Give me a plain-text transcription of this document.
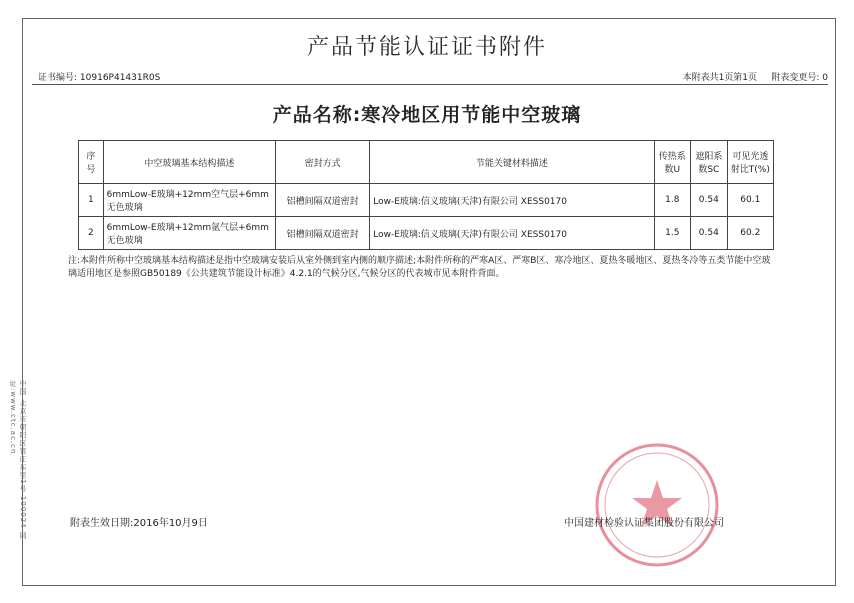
产品节能认证证书附件
证书编号: 10916P41431R0S	本附表共1页第1页 附表变更号: 0
产品名称:寒冷地区用节能中空玻璃
序号	中空玻璃基本结构描述	密封方式	节能关键材料描述	传热系数U	遮阳系数SC	可见光透射比T(%)
1	6mmLow-E玻璃+12mm空气层+6mm无色玻璃	铝槽间隔双道密封	Low-E玻璃:信义玻璃(天津)有限公司 XESS0170	1.8	0.54	60.1
2	6mmLow-E玻璃+12mm氩气层+6mm无色玻璃	铝槽间隔双道密封	Low-E玻璃:信义玻璃(天津)有限公司 XESS0170	1.5	0.54	60.2
注:本附件所称中空玻璃基本结构描述是指中空玻璃安装后从室外侧到室内侧的顺序描述;本附件所称的严寒A区、严寒B区、寒冷地区、夏热冬暖地区、夏热冬冷等五类节能中空玻璃适用地区是参照GB50189《公共建筑节能设计标准》4.2.1的气候分区,气候分区的代表城市见本附件背面。
中国 北京市朝阳区管庄东里1号 100024 网址:www.ctc.ac.cn
附表生效日期:2016年10月9日	中国建材检验认证集团股份有限公司
